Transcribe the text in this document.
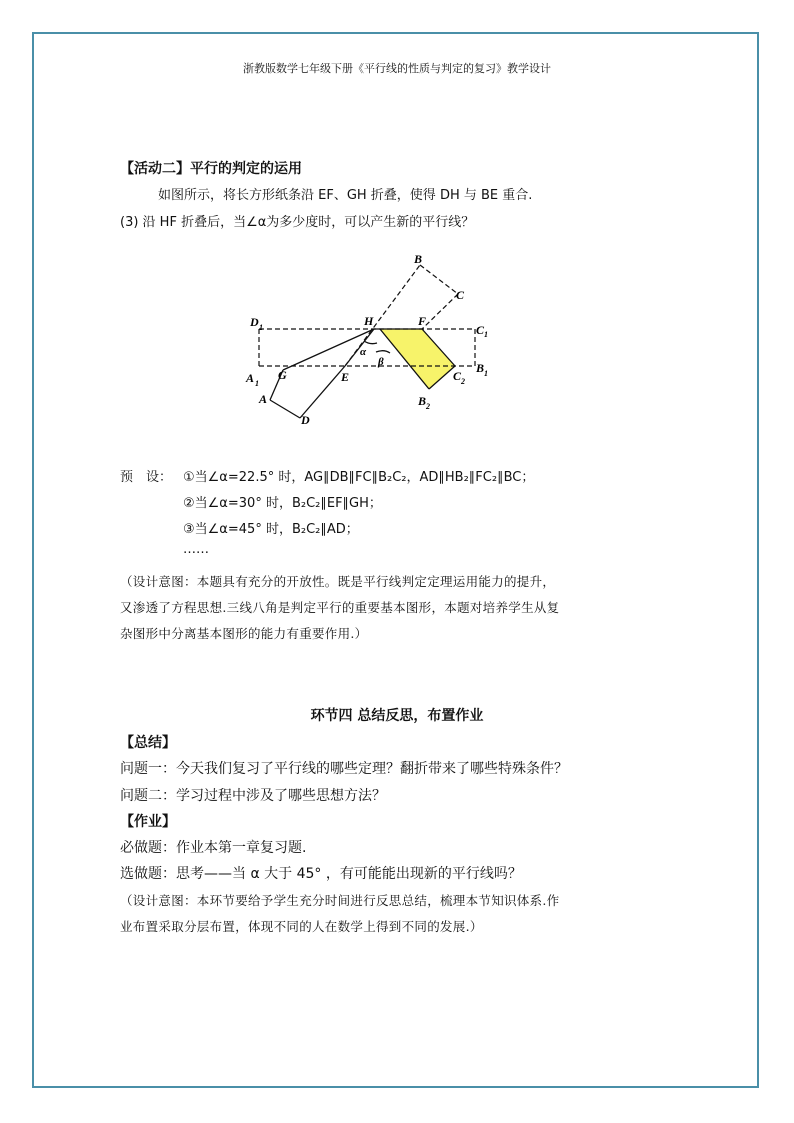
浙教版数学七年级下册《平行线的性质与判定的复习》教学设计
【活动二】平行的判定的运用
如图所示，将长方形纸条沿 EF、GH 折叠，使得 DH 与 BE 重合.
(3) 沿 HF 折叠后，当∠α为多少度时，可以产生新的平行线？
B
C
D 1	H	F
C 1
α
β
A 1
G	E	C 2
B 1
B 2
A
D
预　设： ①当∠α=22.5° 时，AG∥DB∥FC∥B₂C₂，AD∥HB₂∥FC₂∥BC；
②当∠α=30° 时，B₂C₂∥EF∥GH；
③当∠α=45° 时，B₂C₂∥AD；
……
（设计意图：本题具有充分的开放性。既是平行线判定定理运用能力的提升，
又渗透了方程思想.三线八角是判定平行的重要基本图形，本题对培养学生从复
杂图形中分离基本图形的能力有重要作用.）
环节四 总结反思，布置作业
【总结】
问题一：今天我们复习了平行线的哪些定理？翻折带来了哪些特殊条件？
问题二：学习过程中涉及了哪些思想方法？
【作业】
必做题：作业本第一章复习题.
选做题：思考——当 α 大于 45° ，有可能能出现新的平行线吗？
（设计意图：本环节要给予学生充分时间进行反思总结，梳理本节知识体系.作
业布置采取分层布置，体现不同的人在数学上得到不同的发展.）
